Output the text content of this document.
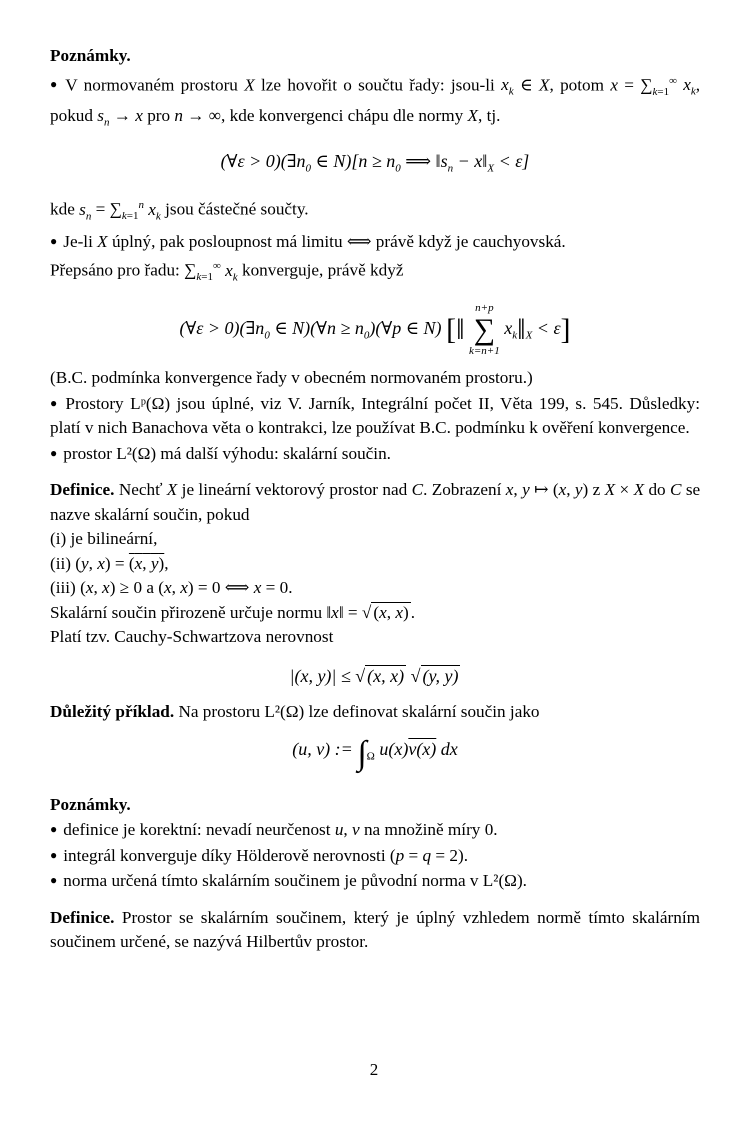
Poznámky.

● V normovaném prostoru X lze hovořit o součtu řady: jsou-li $x_k$ ∈ X, potom $x = \sum_{k=1}^\infty$ $x_k$, pokud $s_n \to x$ pro n → ∞, kde konvergenci chápu dle normy X, tj.

(∀ε > $0)(\exists n_0$ ∈ $N)[n \ge n_0$ ⟹ $‖s_n$ − $x‖_X < \varepsilon$]

kde $s_n = \sum_{k=1}^n$ $x_k$ jsou částečné součty.

● Je-li X úplný, pak posloupnost má limitu ⟺ právě když je cauchyovská.

Přepsáno pro řadu: $\sum_{k=1}^\infty$ $x_k$ konverguje, právě když

(∀ε > $0)(\exists n_0$ ∈ N)(∀n ≥ $n_0)(\forall p$ ∈ N) [‖
n+p
∑
k=n+1
$x_k‖_X < \varepsilon$]

(B.C. podmínka konvergence řady v obecném normovaném prostoru.)

● Prostory Lᵖ(Ω) jsou úplné, viz V. Jarník, Integrální počet II, Věta 199, s. 545. Důsledky: platí v nich Banachova věta o kontrakci, lze používat B.C. podmínku k ověření konvergence.

● prostor L²(Ω) má další výhodu: skalární součin.

Definice. Nechť X je lineární vektorový prostor nad C. Zobrazení x, y ↦ (x, y) z X × X do C se nazve skalární součin, pokud

(i) je bilineární,

(ii) (y, x) = (x, y),

(iii) (x, x) ≥ 0 a (x, x) = 0 ⟺ x = 0.

Skalární součin přirozeně určuje normu ‖x‖ = √ (x, x) .

Platí tzv. Cauchy-Schwartzova nerovnost

|(x, y)| ≤ √ (x, x) √ (y, y)

Důležitý příklad. Na prostoru L²(Ω) lze definovat skalární součin jako

(u, v) := $\int_\Omega$ u(x)v(x) dx

Poznámky.

● definice je korektní: nevadí neurčenost u, v na množině míry 0.

● integrál konverguje díky Hölderově nerovnosti (p = q = 2).

● norma určená tímto skalárním součinem je původní norma v L²(Ω).

Definice. Prostor se skalárním součinem, který je úplný vzhledem normě tímto skalárním součinem určené, se nazývá Hilbertův prostor.

2
